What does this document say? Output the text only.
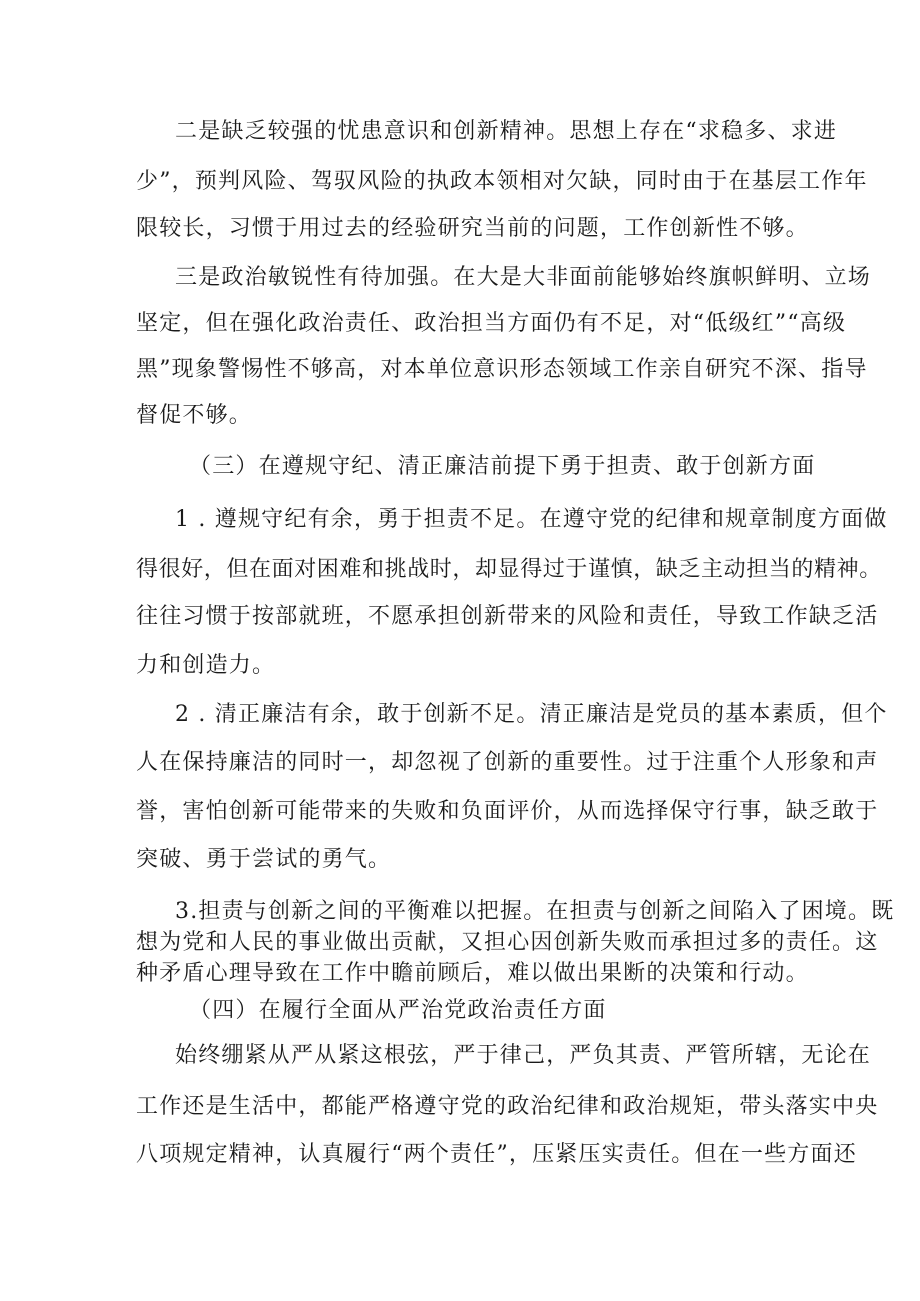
二是缺乏较强的忧患意识和创新精神。思想上存在“求稳多、求进
少”，预判风险、驾驭风险的执政本领相对欠缺，同时由于在基层工作年
限较长，习惯于用过去的经验研究当前的问题，工作创新性不够。
三是政治敏锐性有待加强。在大是大非面前能够始终旗帜鲜明、立场
坚定，但在强化政治责任、政治担当方面仍有不足，对“低级红”“高级
黑”现象警惕性不够高，对本单位意识形态领域工作亲自研究不深、指导
督促不够。
（三）在遵规守纪、清正廉洁前提下勇于担责、敢于创新方面
1 . 遵规守纪有余，勇于担责不足。在遵守党的纪律和规章制度方面做
得很好，但在面对困难和挑战时，却显得过于谨慎，缺乏主动担当的精神。
往往习惯于按部就班，不愿承担创新带来的风险和责任，导致工作缺乏活
力和创造力。
2 . 清正廉洁有余，敢于创新不足。清正廉洁是党员的基本素质，但个
人在保持廉洁的同时一，却忽视了创新的重要性。过于注重个人形象和声
誉，害怕创新可能带来的失败和负面评价，从而选择保守行事，缺乏敢于
突破、勇于尝试的勇气。
3.担责与创新之间的平衡难以把握。在担责与创新之间陷入了困境。既
想为党和人民的事业做出贡献，又担心因创新失败而承担过多的责任。这
种矛盾心理导致在工作中瞻前顾后，难以做出果断的决策和行动。
（四）在履行全面从严治党政治责任方面
始终绷紧从严从紧这根弦，严于律己，严负其责、严管所辖，无论在
工作还是生活中，都能严格遵守党的政治纪律和政治规矩，带头落实中央
八项规定精神，认真履行“两个责任”，压紧压实责任。但在一些方面还
